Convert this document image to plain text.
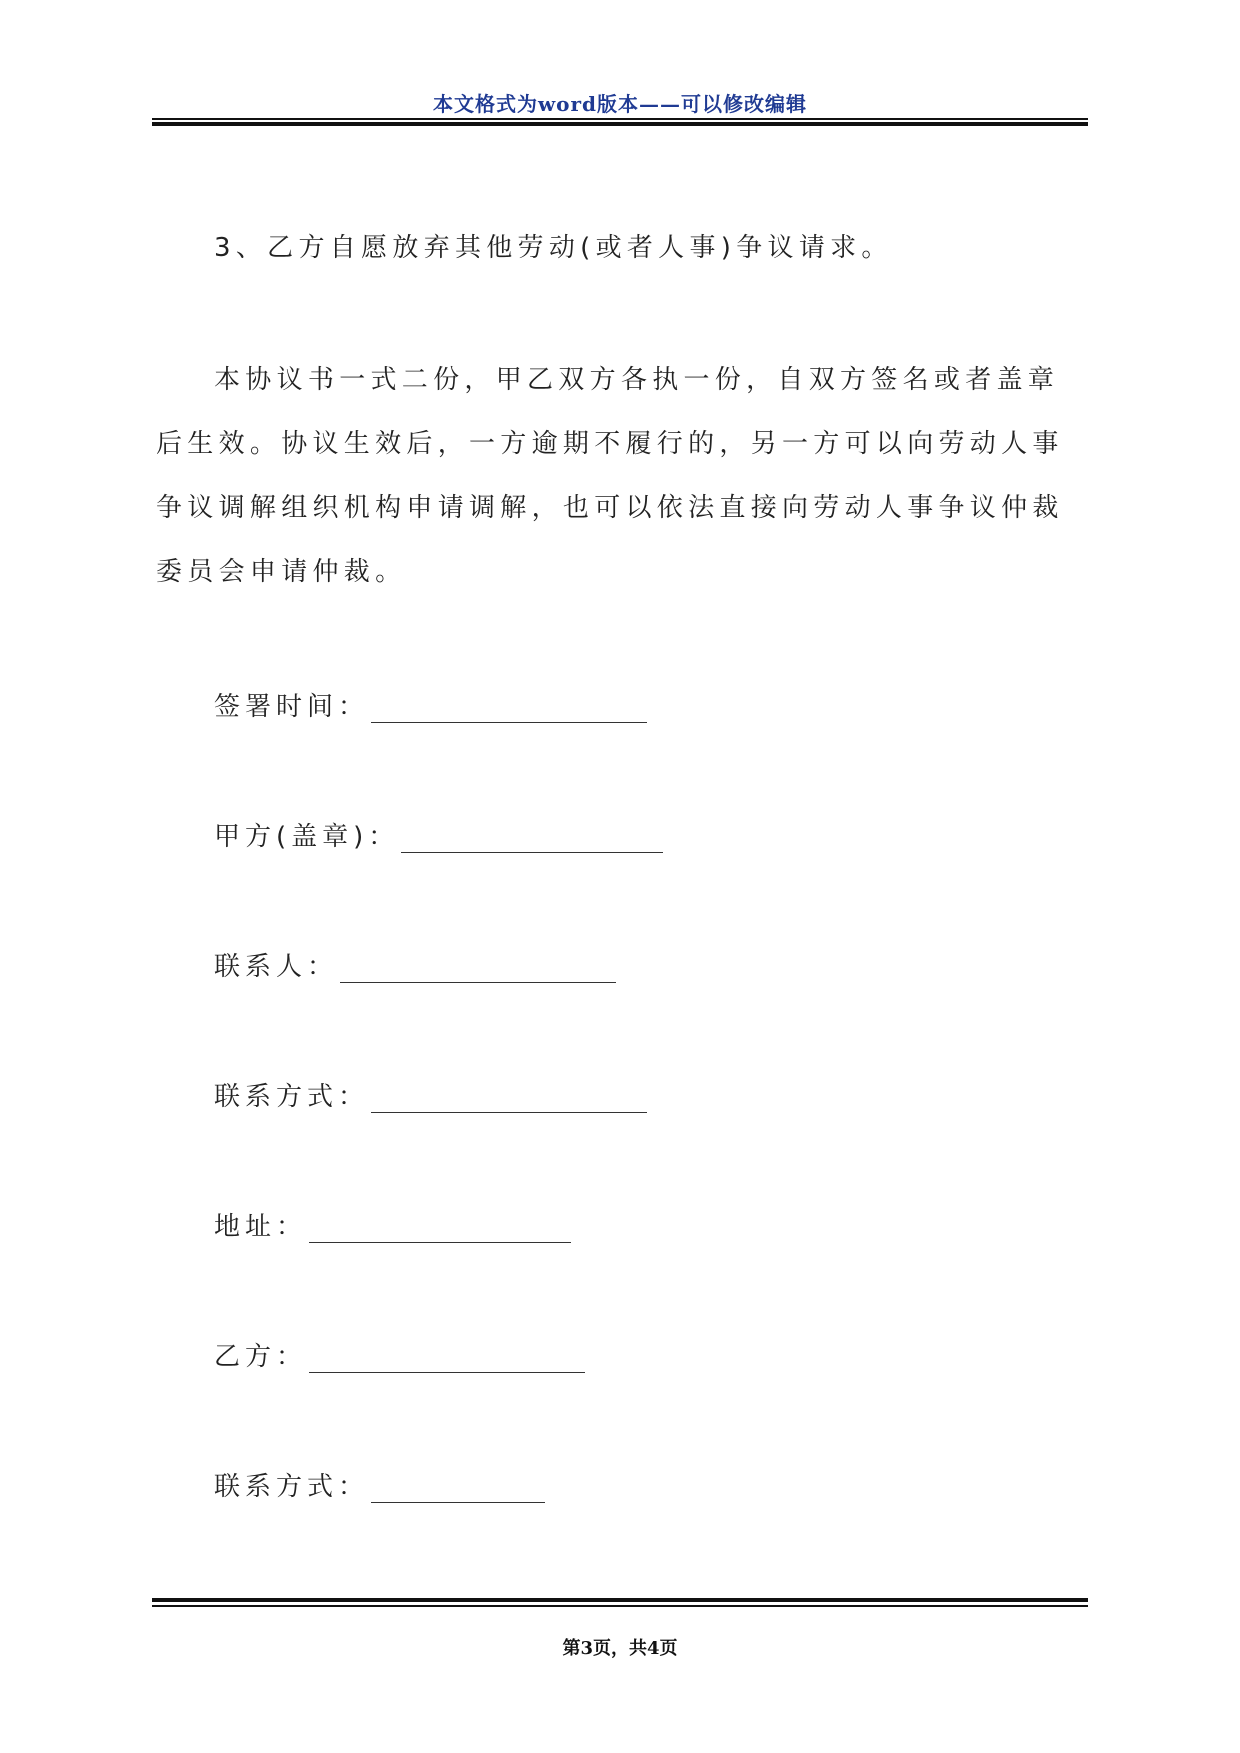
本文格式为word版本——可以修改编辑

3、乙方自愿放弃其他劳动(或者人事)争议请求。

本协议书一式二份，甲乙双方各执一份，自双方签名或者盖章后生效。协议生效后，一方逾期不履行的，另一方可以向劳动人事争议调解组织机构申请调解，也可以依法直接向劳动人事争议仲裁委员会申请仲裁。

签署时间：
甲方(盖章)：
联系人：
联系方式：
地址：
乙方：
联系方式：
第3页，共4页
